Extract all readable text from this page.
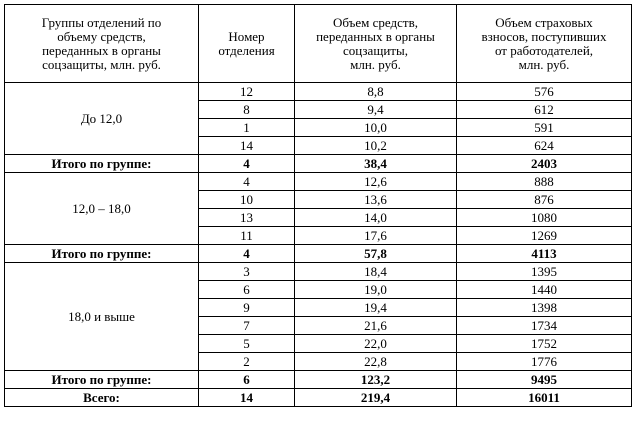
Группы отделений по
объему средств,
переданных в органы
соцзащиты, млн. руб.	Номер
отделения	Объем средств,
переданных в органы
соцзащиты,
млн. руб.	Объем страховых
взносов, поступивших
от работодателей,
млн. руб.

До 12,0	12	8,8	576
	8	9,4	612
	1	10,0	591
	14	10,2	624
Итого по группе:	4	38,4	2403
12,0 – 18,0	4	12,6	888
	10	13,6	876
	13	14,0	1080
	11	17,6	1269
Итого по группе:	4	57,8	4113
18,0 и выше	3	18,4	1395
	6	19,0	1440
	9	19,4	1398
	7	21,6	1734
	5	22,0	1752
	2	22,8	1776
Итого по группе:	6	123,2	9495
Всего:	14	219,4	16011
